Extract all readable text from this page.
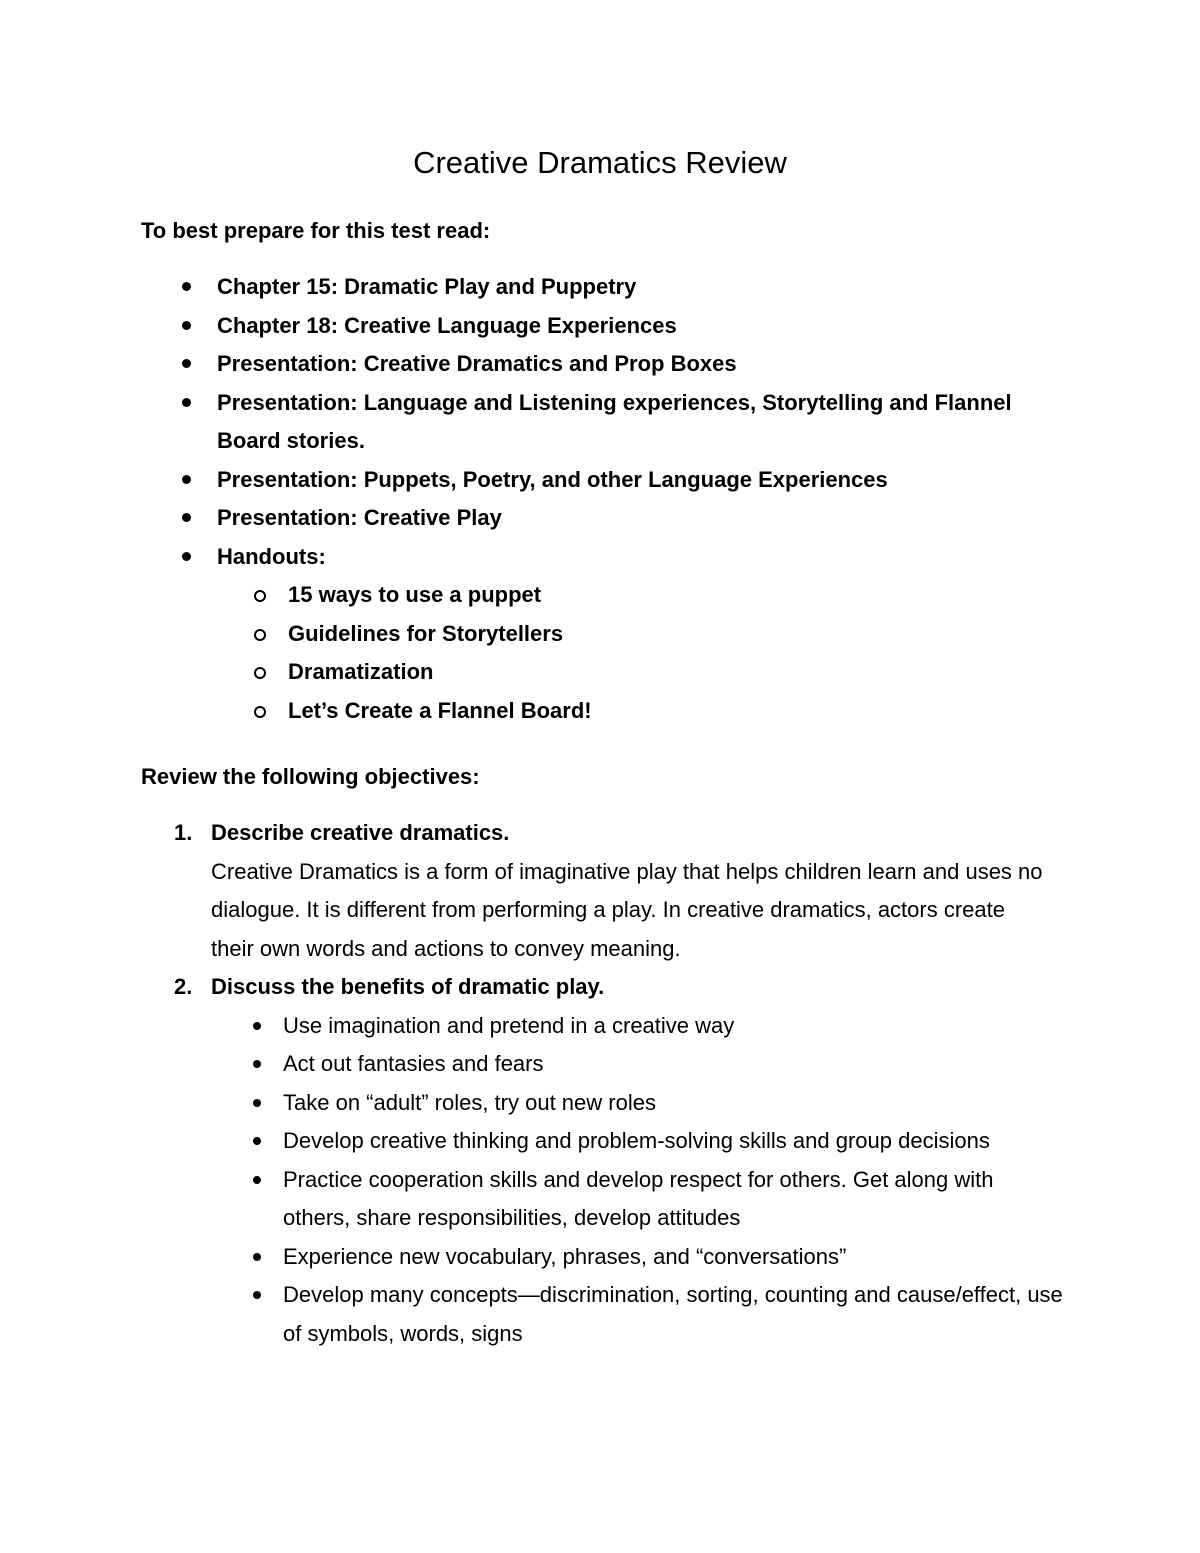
Creative Dramatics Review
To best prepare for this test read:
Chapter 15: Dramatic Play and Puppetry
Chapter 18: Creative Language Experiences
Presentation: Creative Dramatics and Prop Boxes
Presentation: Language and Listening experiences, Storytelling and Flannel Board stories.
Presentation: Puppets, Poetry, and other Language Experiences
Presentation: Creative Play
Handouts:
15 ways to use a puppet
Guidelines for Storytellers
Dramatization
Let’s Create a Flannel Board!
Review the following objectives:
1. Describe creative dramatics.
Creative Dramatics is a form of imaginative play that helps children learn and uses no dialogue. It is different from performing a play. In creative dramatics, actors create their own words and actions to convey meaning.
2. Discuss the benefits of dramatic play.
Use imagination and pretend in a creative way
Act out fantasies and fears
Take on “adult” roles, try out new roles
Develop creative thinking and problem-solving skills and group decisions
Practice cooperation skills and develop respect for others. Get along with others, share responsibilities, develop attitudes
Experience new vocabulary, phrases, and “conversations”
Develop many concepts—discrimination, sorting, counting and cause/effect, use of symbols, words, signs
